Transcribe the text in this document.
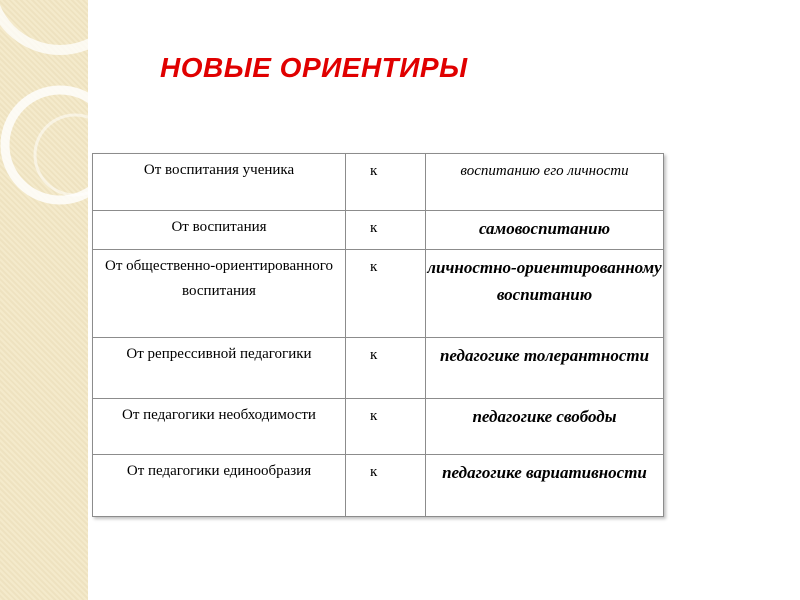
НОВЫЕ ОРИЕНТИРЫ
От воспитания ученика	к	воспитанию его личности
От воспитания	к	самовоспитанию
От общественно-ориентированного воспитания	к	личностно-ориентированному воспитанию
От репрессивной педагогики	к	педагогике толерантности
От педагогики необходимости	к	педагогике свободы
От педагогики единообразия	к	педагогике вариативности
